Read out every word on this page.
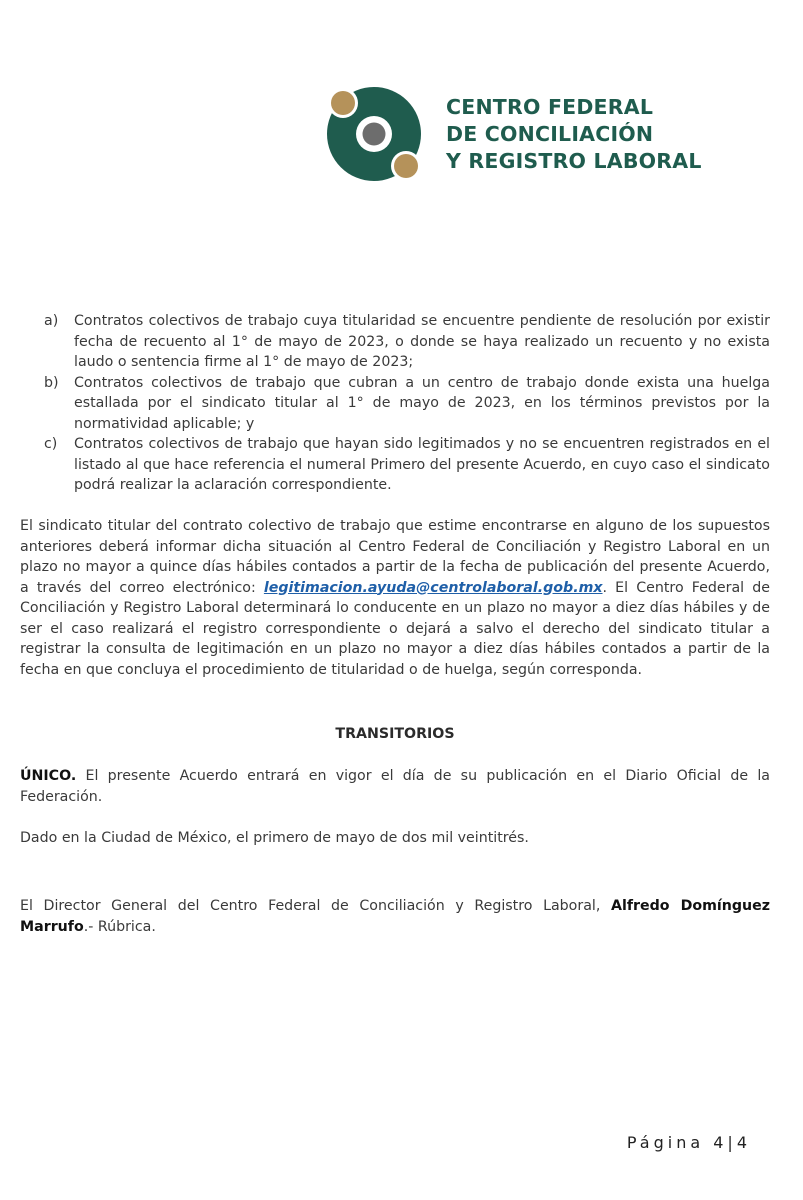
CENTRO FEDERAL
DE CONCILIACIÓN
Y REGISTRO LABORAL
a)	Contratos colectivos de trabajo cuya titularidad se encuentre pendiente de resolución por existir fecha de recuento al 1° de mayo de 2023, o donde se haya realizado un recuento y no exista laudo o sentencia firme al 1° de mayo de 2023;
b)	Contratos colectivos de trabajo que cubran a un centro de trabajo donde exista una huelga estallada por el sindicato titular al 1° de mayo de 2023, en los términos previstos por la normatividad aplicable; y
c)	Contratos colectivos de trabajo que hayan sido legitimados y no se encuentren registrados en el listado al que hace referencia el numeral Primero del presente Acuerdo, en cuyo caso el sindicato podrá realizar la aclaración correspondiente.

El sindicato titular del contrato colectivo de trabajo que estime encontrarse en alguno de los supuestos anteriores deberá informar dicha situación al Centro Federal de Conciliación y Registro Laboral en un plazo no mayor a quince días hábiles contados a partir de la fecha de publicación del presente Acuerdo, a través del correo electrónico: legitimacion.ayuda@centrolaboral.gob.mx. El Centro Federal de Conciliación y Registro Laboral determinará lo conducente en un plazo no mayor a diez días hábiles y de ser el caso realizará el registro correspondiente o dejará a salvo el derecho del sindicato titular a registrar la consulta de legitimación en un plazo no mayor a diez días hábiles contados a partir de la fecha en que concluya el procedimiento de titularidad o de huelga, según corresponda.

TRANSITORIOS

ÚNICO. El presente Acuerdo entrará en vigor el día de su publicación en el Diario Oficial de la Federación.

Dado en la Ciudad de México, el primero de mayo de dos mil veintitrés.

El Director General del Centro Federal de Conciliación y Registro Laboral, Alfredo Domínguez Marrufo.- Rúbrica.

Página 4|4
